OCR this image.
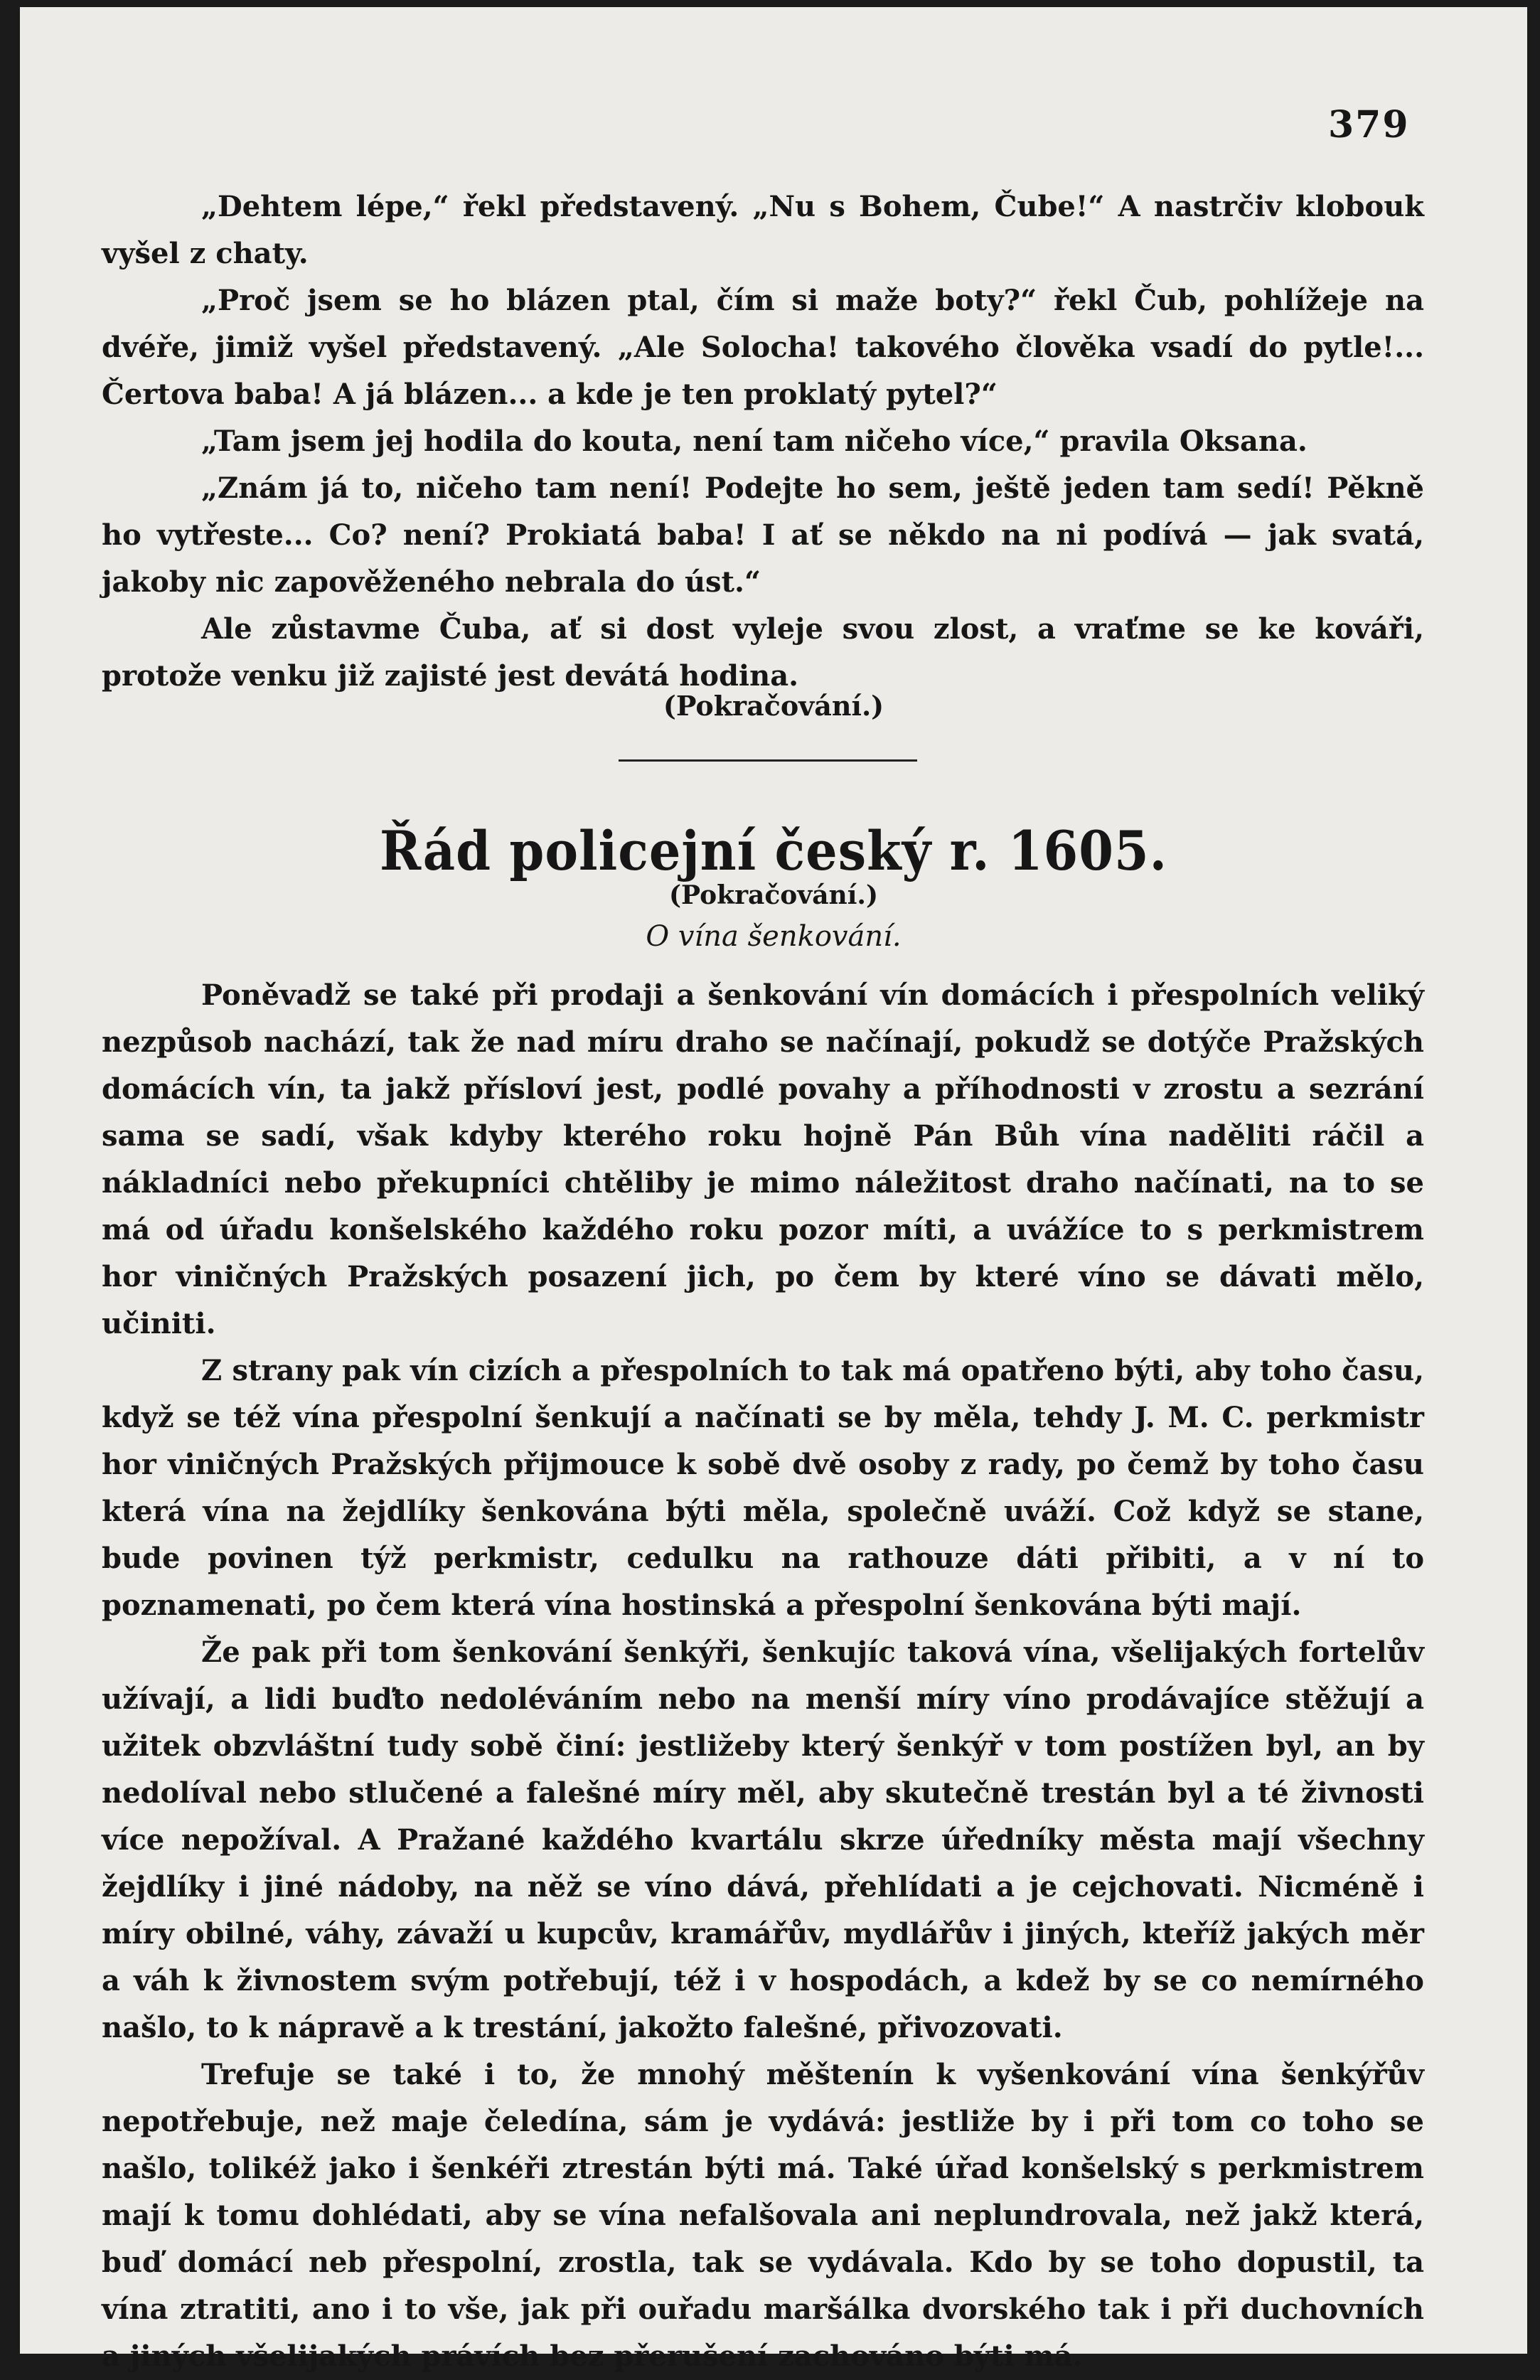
379

„Dehtem lépe,“ řekl představený. „Nu s Bohem, Čube!“ A nastrčiv klobouk vyšel z chaty.

„Proč jsem se ho blázen ptal, čím si maže boty?“ řekl Čub, pohlížeje na dvéře, jimiž vyšel představený. „Ale Solocha! takového člověka vsadí do pytle!... Čertova baba! A já blázen... a kde je ten proklatý pytel?“

„Tam jsem jej hodila do kouta, není tam ničeho více,“ pravila Oksana.

„Znám já to, ničeho tam není! Podejte ho sem, ještě jeden tam sedí! Pěkně ho vytřeste... Co? není? Prokiatá baba! I ať se někdo na ni podívá — jak svatá, jakoby nic zapověženého nebrala do úst.“

Ale zůstavme Čuba, ať si dost vyleje svou zlost, a vraťme se ke kováři, protože venku již zajisté jest devátá hodina.

(Pokračování.)
Řád policejní český r. 1605.
(Pokračování.)
O vína šenkování.

Poněvadž se také při prodaji a šenkování vín domácích i přespolních veliký nezpůsob nachází, tak že nad míru draho se načínají, pokudž se dotýče Pražských domácích vín, ta jakž přísloví jest, podlé povahy a příhodnosti v zrostu a sezrání sama se sadí, však kdyby kterého roku hojně Pán Bůh vína naděliti ráčil a nákladníci nebo překupníci chtěliby je mimo náležitost draho načínati, na to se má od úřadu konšelského každého roku pozor míti, a uvážíce to s perkmistrem hor viničných Pražských posazení jich, po čem by které víno se dávati mělo, učiniti.

Z strany pak vín cizích a přespolních to tak má opatřeno býti, aby toho času, když se též vína přespolní šenkují a načínati se by měla, tehdy J. M. C. perkmistr hor viničných Pražských přijmouce k sobě dvě osoby z rady, po čemž by toho času která vína na žejdlíky šenkována býti měla, společně uváží. Což když se stane, bude povinen týž perkmistr, cedulku na rathouze dáti přibiti, a v ní to poznamenati, po čem která vína hostinská a přespolní šenkována býti mají.

Že pak při tom šenkování šenkýři, šenkujíc taková vína, všelijakých fortelův užívají, a lidi buďto nedoléváním nebo na menší míry víno prodávajíce stěžují a užitek obzvláštní tudy sobě činí: jestližeby který šenkýř v tom postížen byl, an by nedolíval nebo stlučené a falešné míry měl, aby skutečně trestán byl a té živnosti více nepožíval. A Pražané každého kvartálu skrze úředníky města mají všechny žejdlíky i jiné nádoby, na něž se víno dává, přehlídati a je cejchovati. Nicméně i míry obilné, váhy, závaží u kupcův, kramářův, mydlářův i jiných, kteříž jakých měr a váh k živnostem svým potřebují, též i v hospodách, a kdež by se co nemírného našlo, to k nápravě a k trestání, jakožto falešné, přivozovati.

Trefuje se také i to, že mnohý měštenín k vyšenkování vína šenkýřův nepotřebuje, než maje čeledína, sám je vydává: jestliže by i při tom co toho se našlo, tolikéž jako i šenkéři ztrestán býti má. Také úřad konšelský s perkmistrem mají k tomu dohlédati, aby se vína nefalšovala ani neplundrovala, než jakž která, buď domácí neb přespolní, zrostla, tak se vydávala. Kdo by se toho dopustil, ta vína ztratiti, ano i to vše, jak při ouřadu maršálka dvorského tak i při duchovních a jiných všelijakých právích bez přerušení zachováno býti má.
